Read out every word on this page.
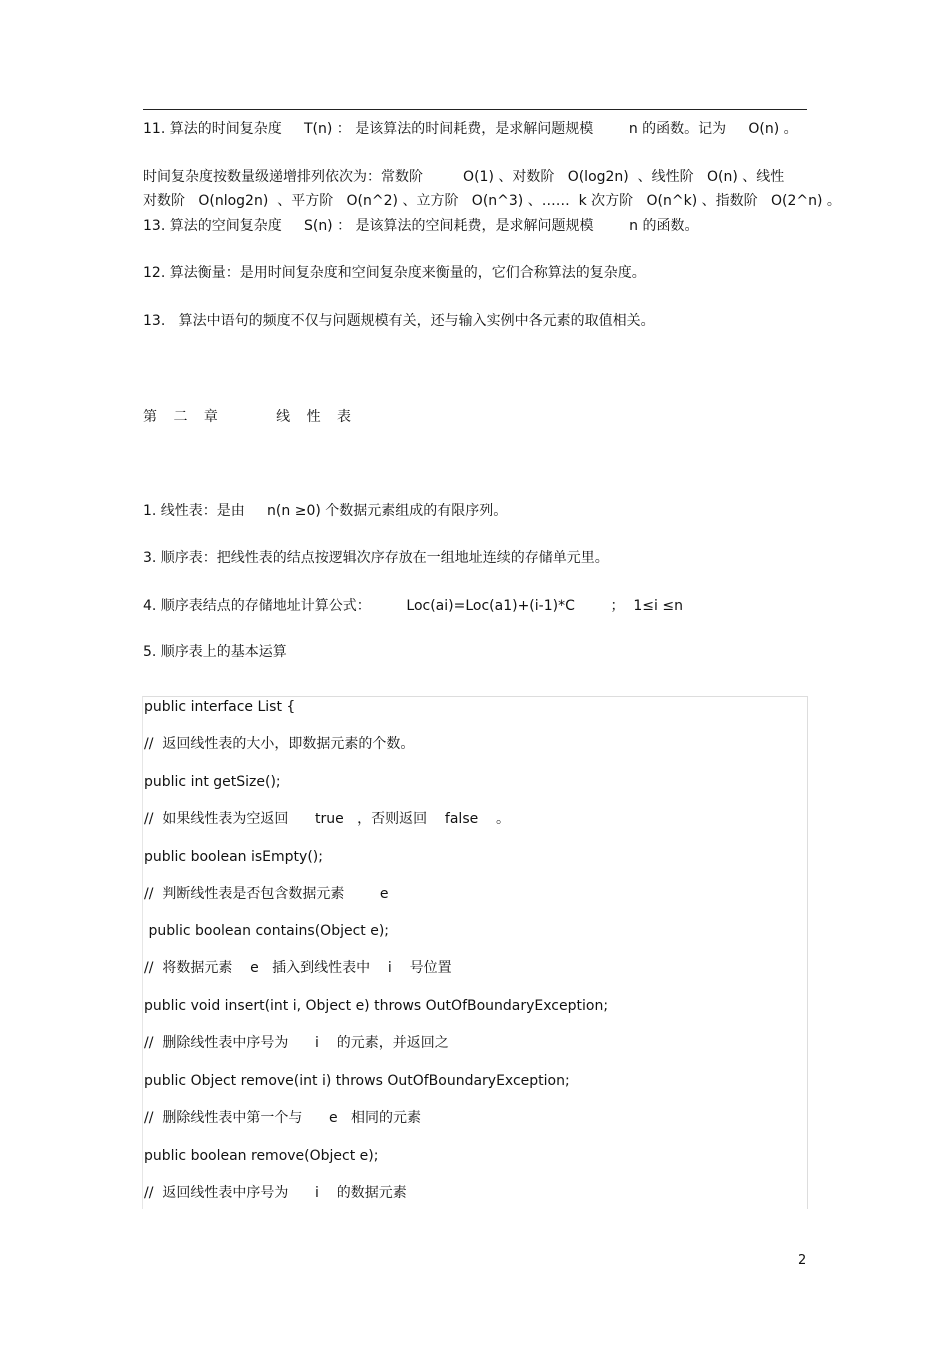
11. 算法的时间复杂度     T(n) ： 是该算法的时间耗费，是求解问题规模        n 的函数。记为     O(n) 。
时间复杂度按数量级递增排列依次为：常数阶         O(1) 、对数阶   O(log2n)  、线性阶   O(n) 、线性
对数阶   O(nlog2n)  、平方阶   O(n^2) 、立方阶   O(n^3) 、……  k 次方阶   O(n^k) 、指数阶   O(2^n) 。
13. 算法的空间复杂度     S(n) ： 是该算法的空间耗费，是求解问题规模        n 的函数。
12. 算法衡量：是用时间复杂度和空间复杂度来衡量的，它们合称算法的复杂度。
13.   算法中语句的频度不仅与问题规模有关，还与输入实例中各元素的取值相关。
第 二 章     线 性 表
1. 线性表：是由     n(n ≥0) 个数据元素组成的有限序列。
3. 顺序表：把线性表的结点按逻辑次序存放在一组地址连续的存储单元里。
4. 顺序表结点的存储地址计算公式：        Loc(ai)=Loc(a1)+(i-1)*C        ；  1≤i ≤n
5. 顺序表上的基本运算
public interface List {
//  返回线性表的大小，即数据元素的个数。
public int getSize();
//  如果线性表为空返回      true   ，否则返回    false    。
public boolean isEmpty();
//  判断线性表是否包含数据元素        e
public boolean contains(Object e);
//  将数据元素    e   插入到线性表中    i    号位置
public void insert(int i, Object e) throws OutOfBoundaryException;
//  删除线性表中序号为      i    的元素，并返回之
public Object remove(int i) throws OutOfBoundaryException;
//  删除线性表中第一个与      e   相同的元素
public boolean remove(Object e);
//  返回线性表中序号为      i    的数据元素
2
